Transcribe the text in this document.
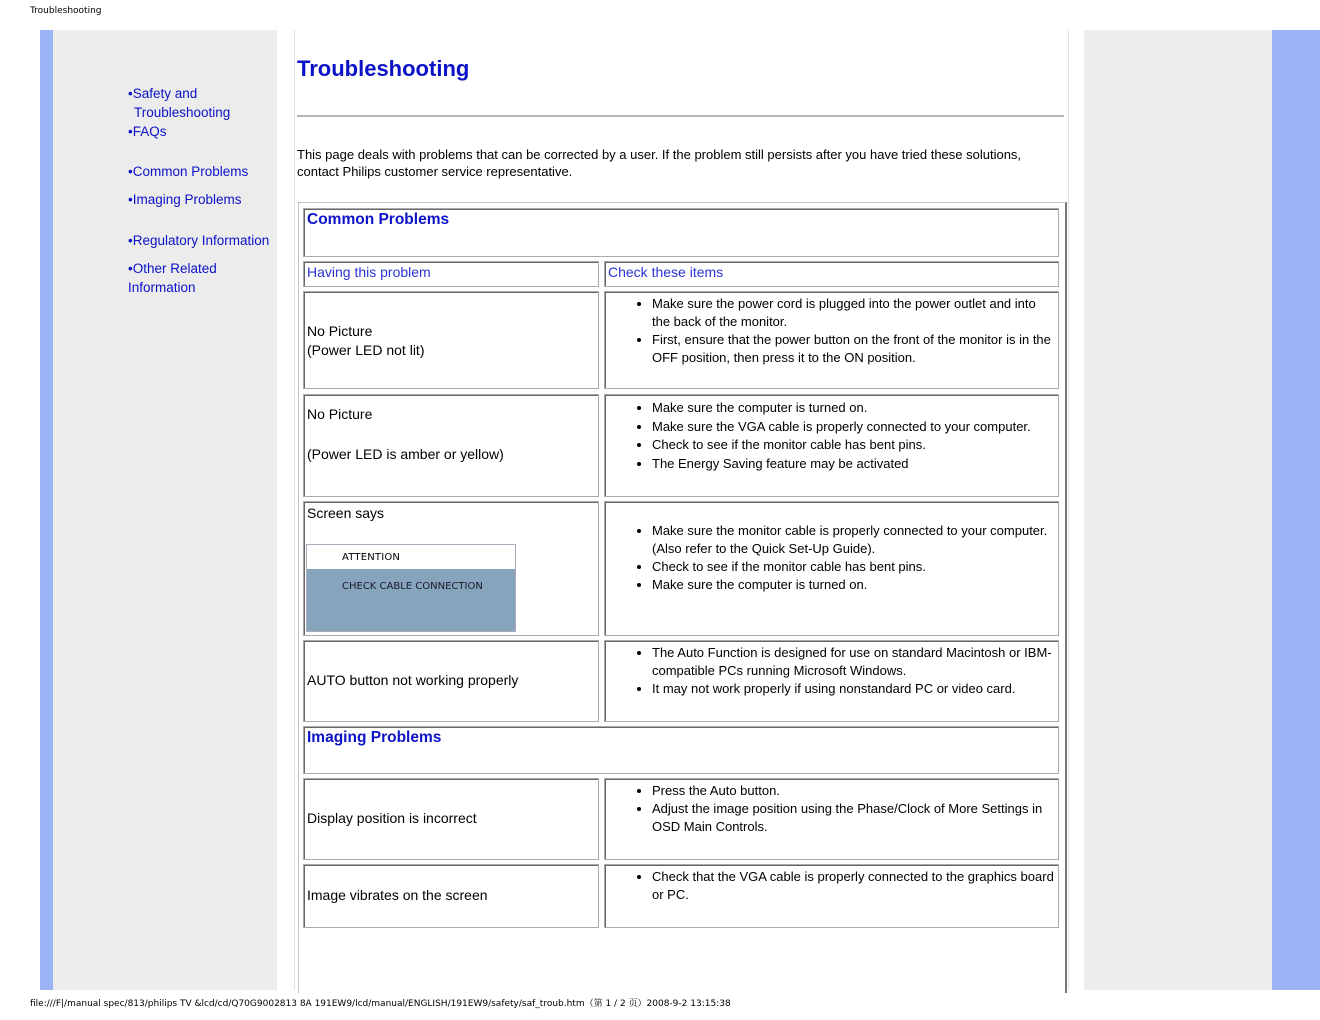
Troubleshooting
•Safety and
Troubleshooting
•FAQs
•Common Problems
•Imaging Problems
•Regulatory Information
•Other Related Information
Troubleshooting
This page deals with problems that can be corrected by a user. If the problem still persists after you have tried these solutions, contact Philips customer service representative.
Common Problems
Having this problem	Check these items
No Picture
(Power LED not lit)
• Make sure the power cord is plugged into the power outlet and into the back of the monitor.
• First, ensure that the power button on the front of the monitor is in the OFF position, then press it to the ON position.
No Picture
(Power LED is amber or yellow)
• Make sure the computer is turned on.
• Make sure the VGA cable is properly connected to your computer.
• Check to see if the monitor cable has bent pins.
• The Energy Saving feature may be activated
Screen says
ATTENTION
CHECK CABLE CONNECTION
• Make sure the monitor cable is properly connected to your computer. (Also refer to the Quick Set-Up Guide).
• Check to see if the monitor cable has bent pins.
• Make sure the computer is turned on.
AUTO button not working properly
• The Auto Function is designed for use on standard Macintosh or IBM-compatible PCs running Microsoft Windows.
• It may not work properly if using nonstandard PC or video card.
Imaging Problems
Display position is incorrect
• Press the Auto button.
• Adjust the image position using the Phase/Clock of More Settings in OSD Main Controls.
Image vibrates on the screen
• Check that the VGA cable is properly connected to the graphics board or PC.
file:///F|/manual spec/813/philips TV &lcd/cd/Q70G9002813 8A 191EW9/lcd/manual/ENGLISH/191EW9/safety/saf_troub.htm（第 1 / 2 页）2008-9-2 13:15:38
